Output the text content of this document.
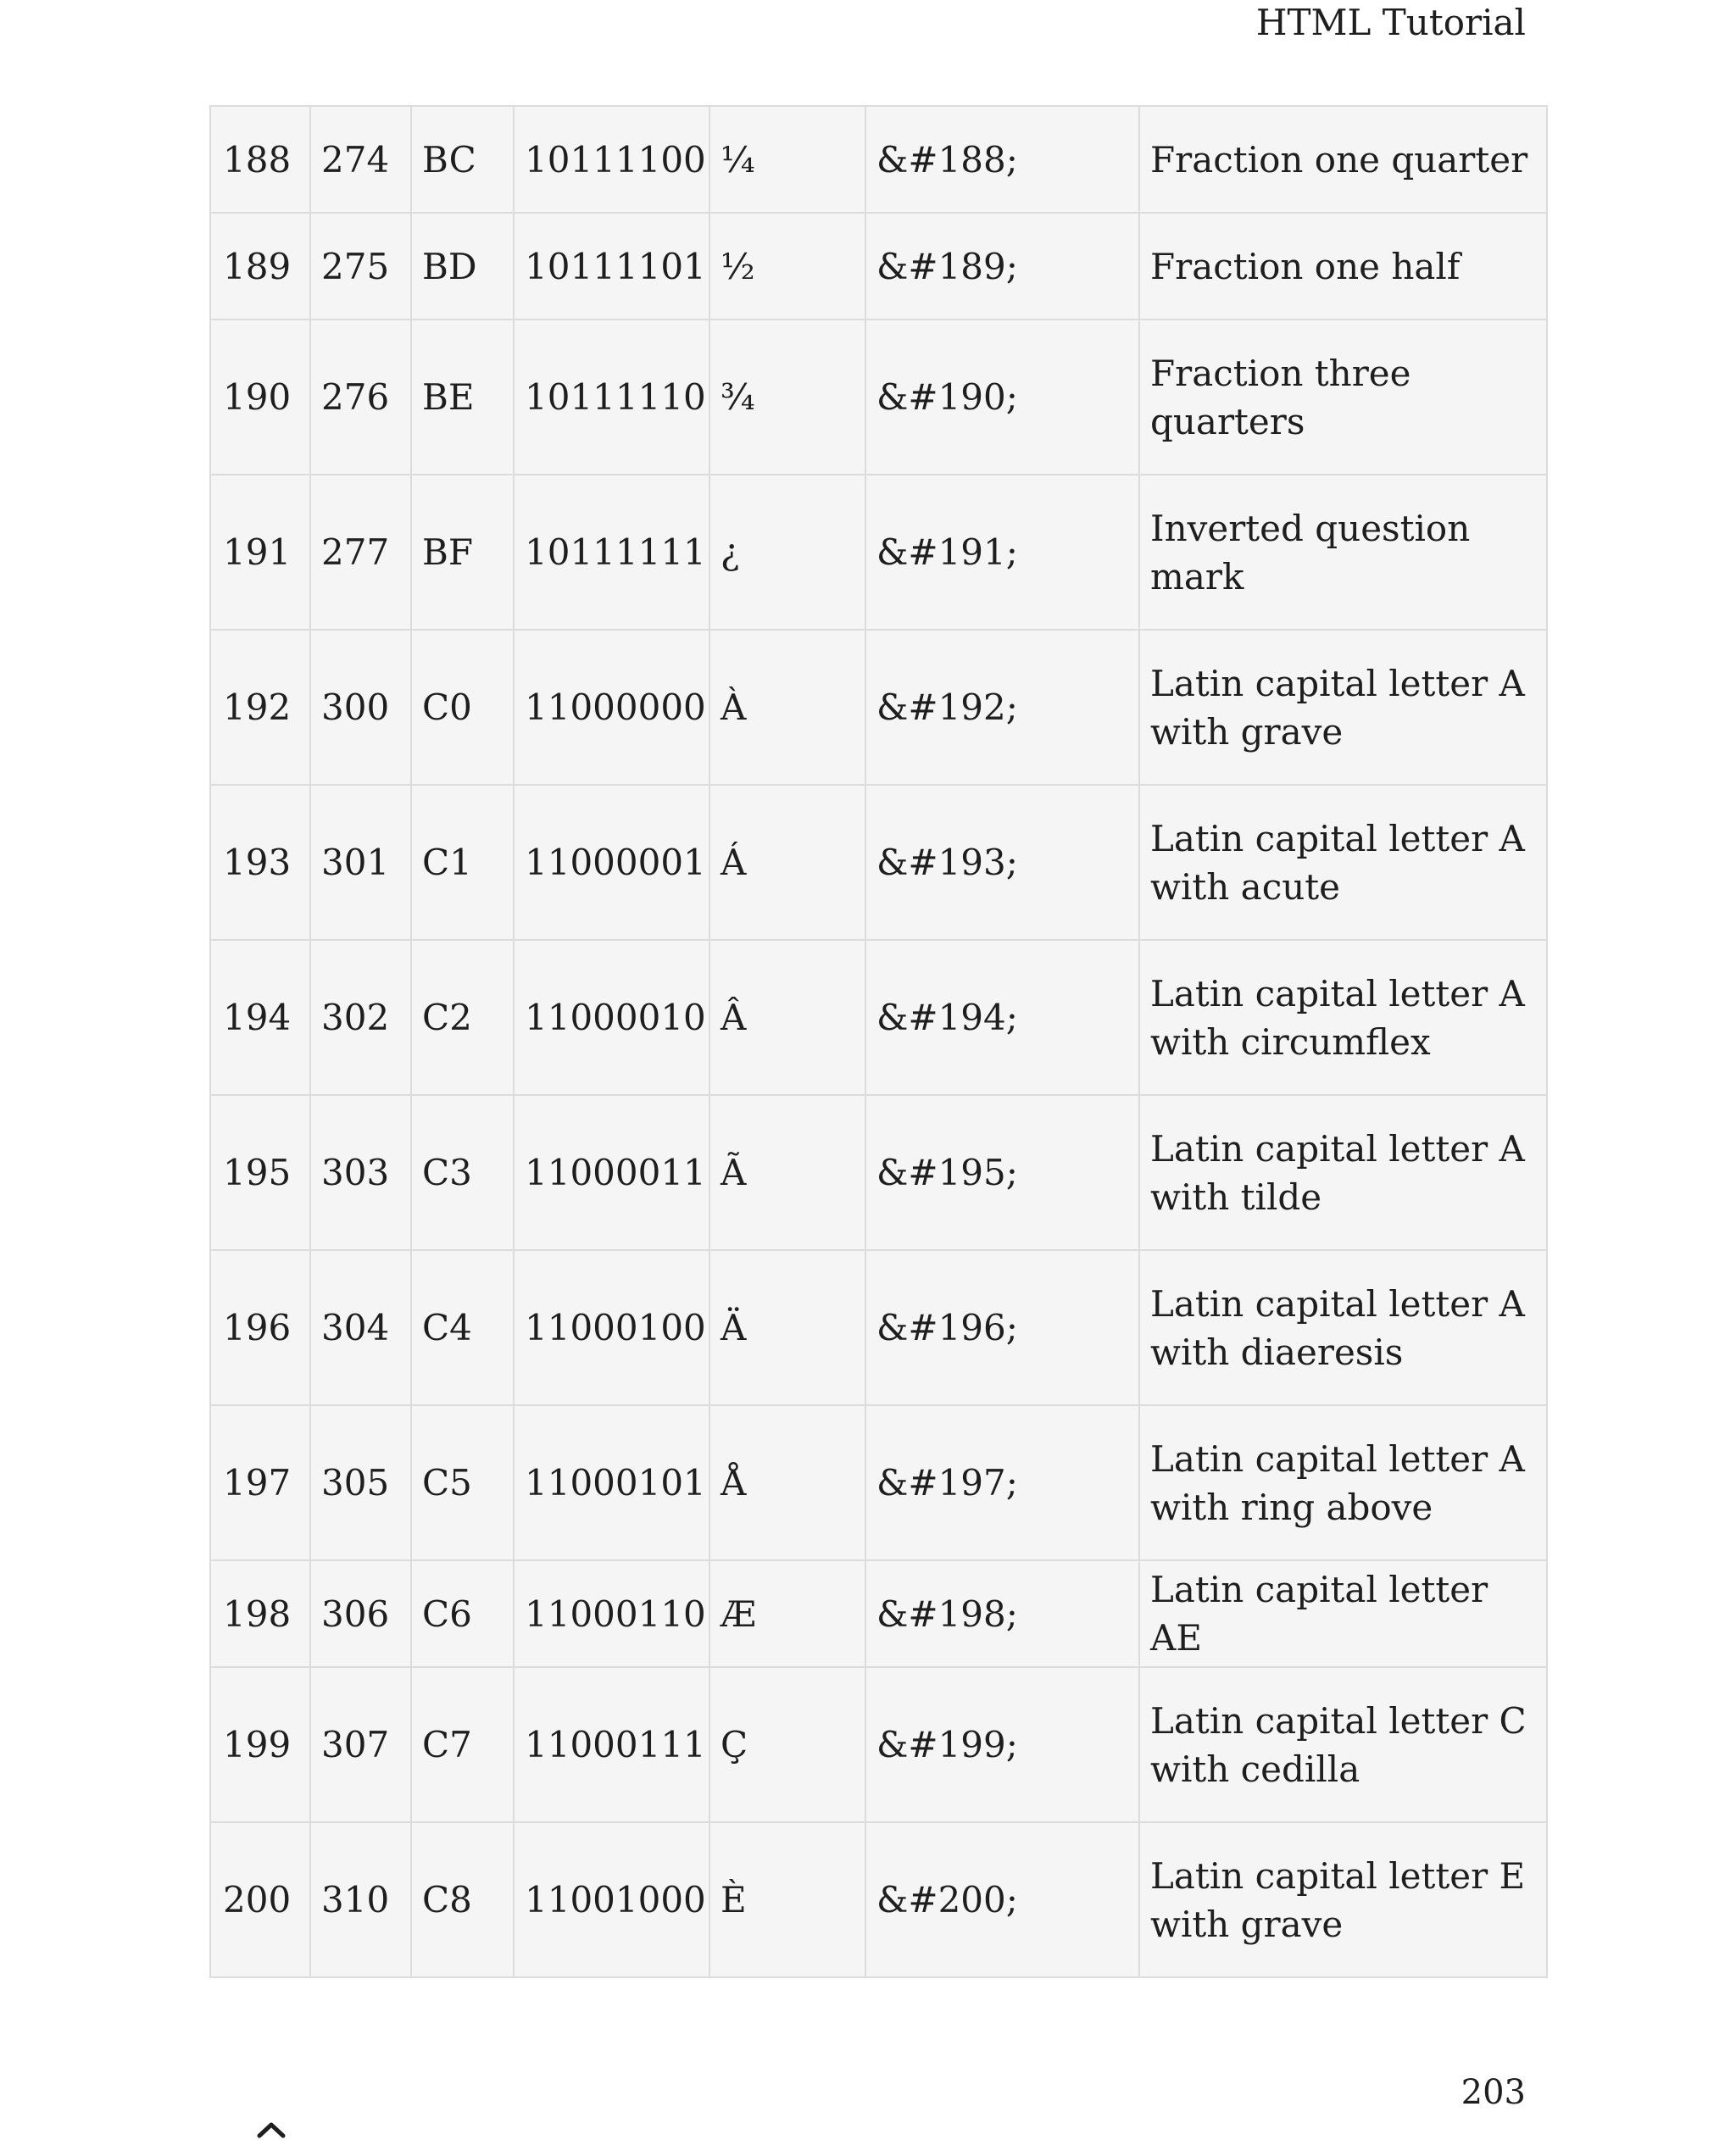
HTML Tutorial
188	274	BC	10111100	¼	&#188;	Fraction one quarter
189	275	BD	10111101	½	&#189;	Fraction one half
190	276	BE	10111110	¾	&#190;	Fraction three quarters
191	277	BF	10111111	¿	&#191;	Inverted question mark
192	300	C0	11000000	À	&#192;	Latin capital letter A with grave
193	301	C1	11000001	Á	&#193;	Latin capital letter A with acute
194	302	C2	11000010	Â	&#194;	Latin capital letter A with circumflex
195	303	C3	11000011	Ã	&#195;	Latin capital letter A with tilde
196	304	C4	11000100	Ä	&#196;	Latin capital letter A with diaeresis
197	305	C5	11000101	Å	&#197;	Latin capital letter A with ring above
198	306	C6	11000110	Æ	&#198;	Latin capital letter AE
199	307	C7	11000111	Ç	&#199;	Latin capital letter C with cedilla
200	310	C8	11001000	È	&#200;	Latin capital letter E with grave
203
